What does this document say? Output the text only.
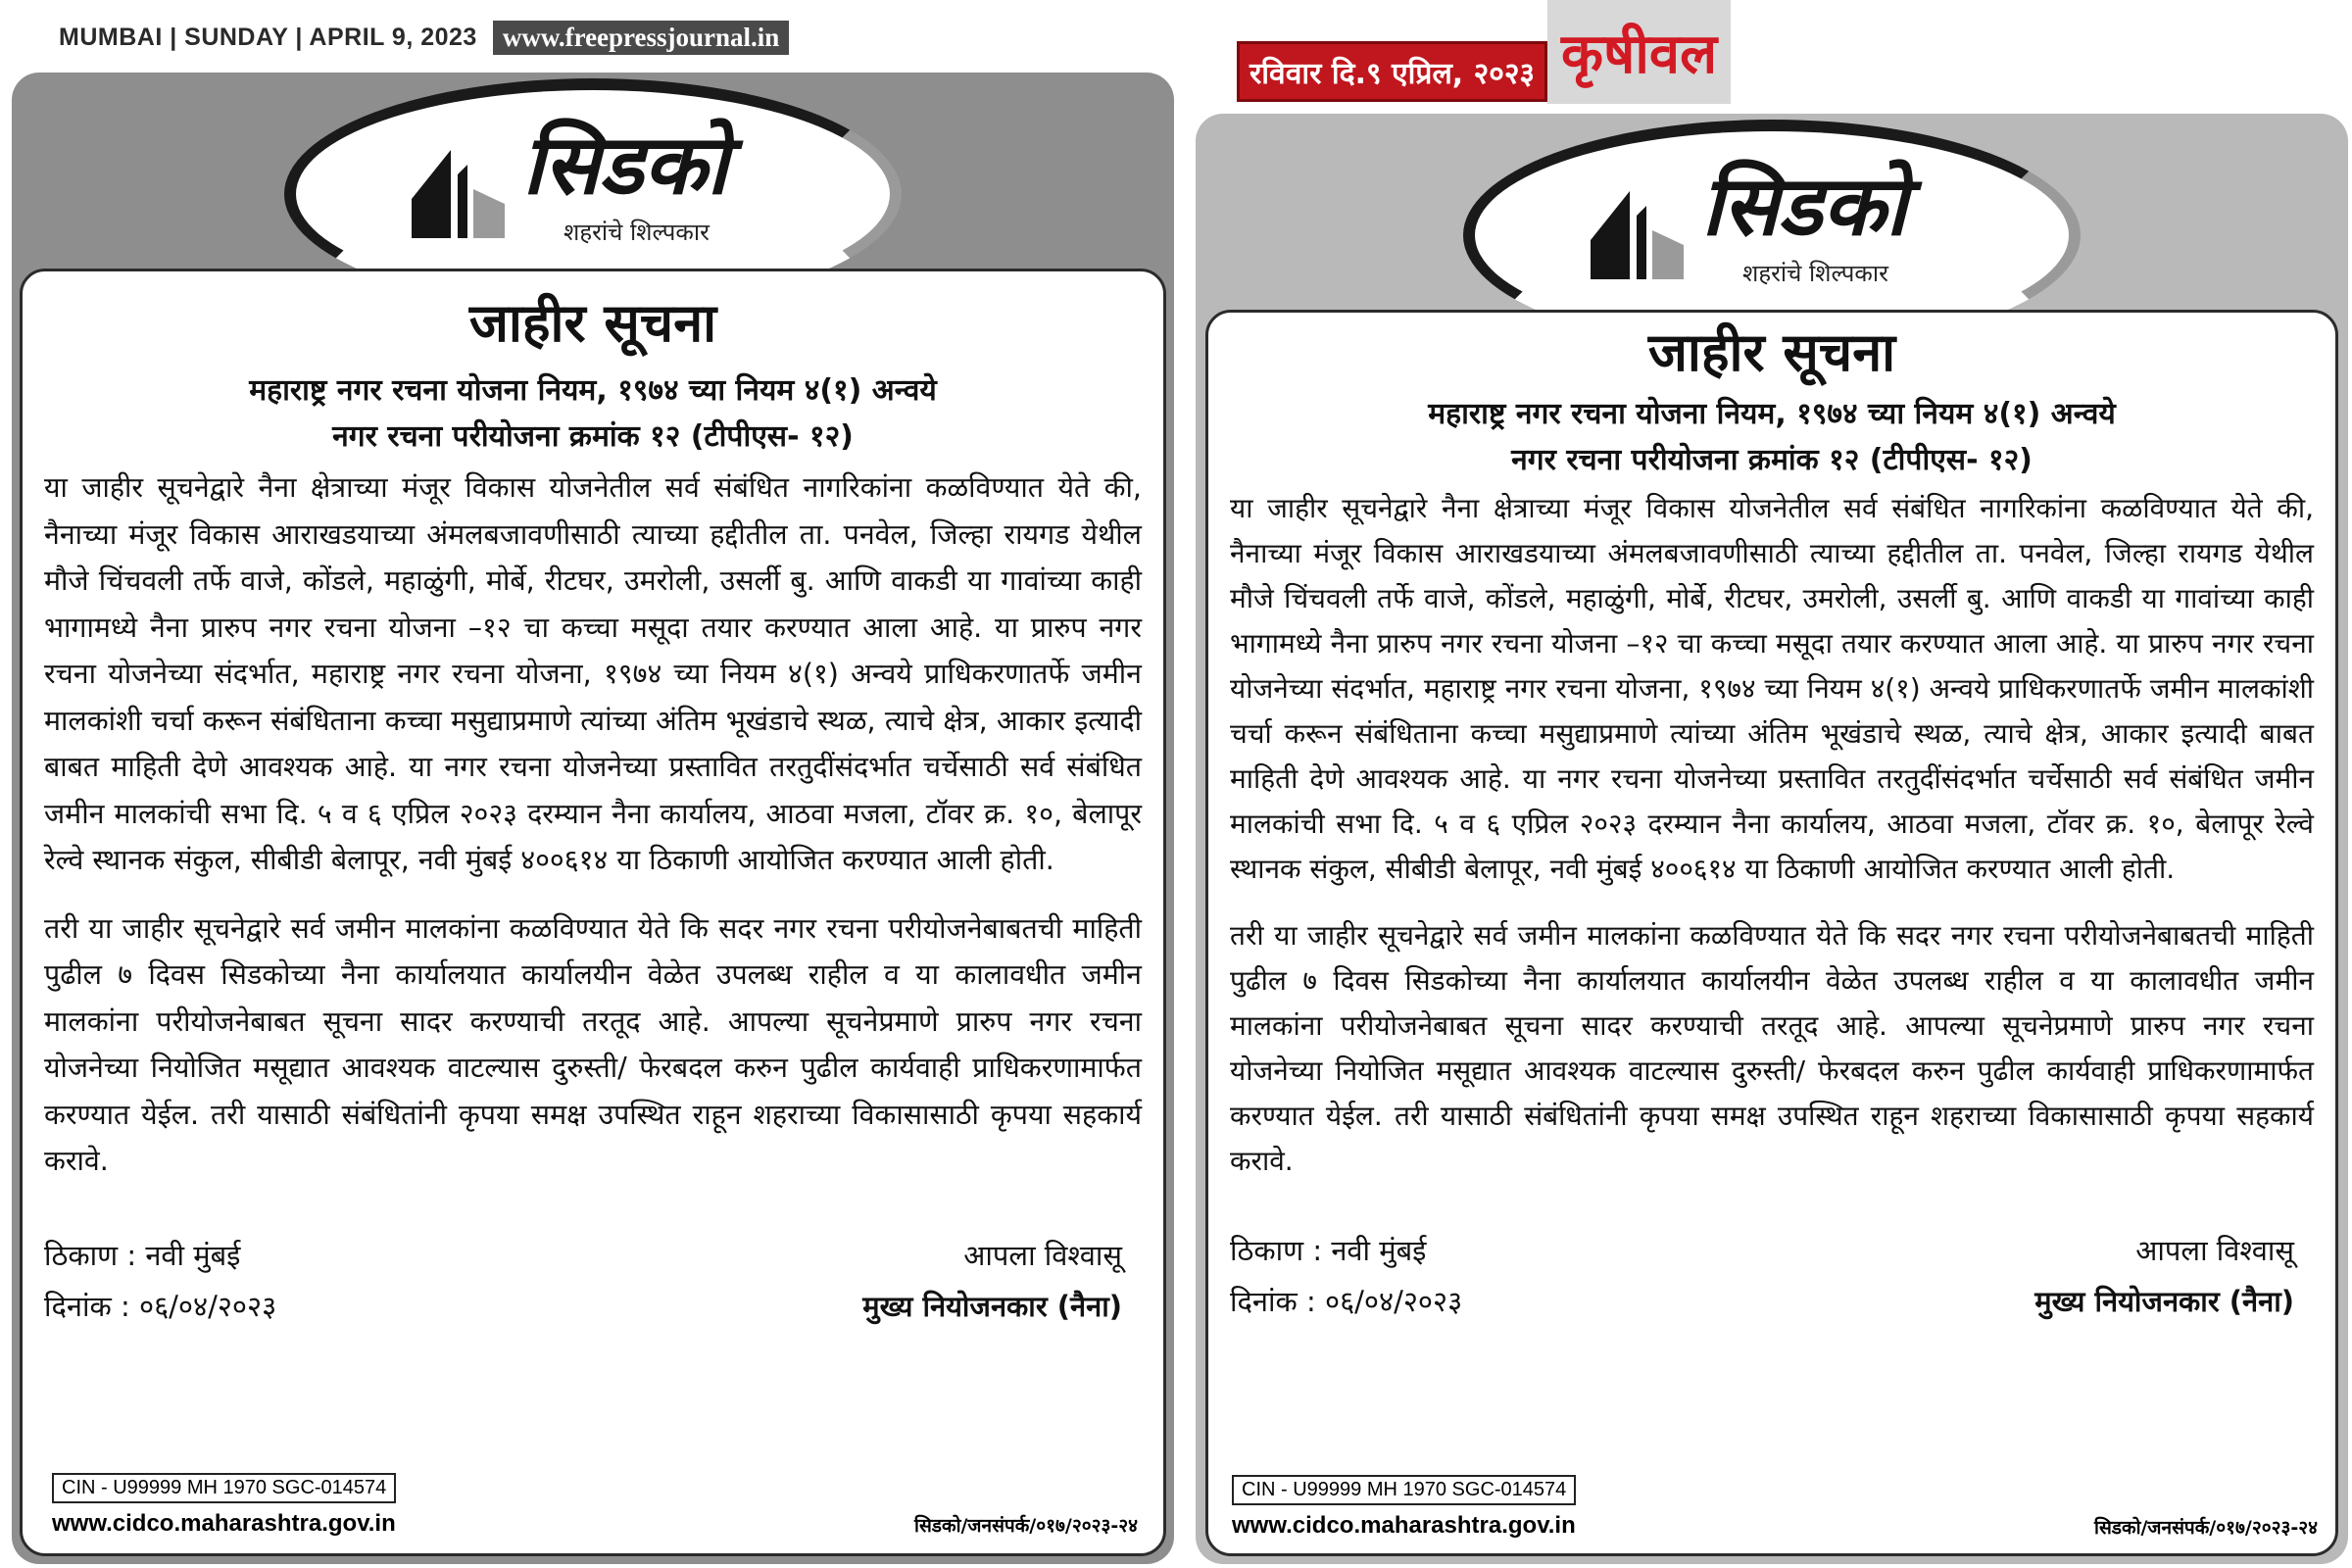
MUMBAI | SUNDAY | APRIL 9, 2023 www.freepressjournal.in
सिडको
शहरांचे शिल्पकार
जाहीर सूचना

महाराष्ट्र नगर रचना योजना नियम, १९७४ च्या नियम ४(१) अन्वये

नगर रचना परीयोजना क्रमांक १२ (टीपीएस- १२)

या जाहीर सूचनेद्वारे नैना क्षेत्राच्या मंजूर विकास योजनेतील सर्व संबंधित नागरिकांना कळविण्यात येते की, नैनाच्या मंजूर विकास आराखडयाच्या अंमलबजावणीसाठी त्याच्या हद्दीतील ता. पनवेल, जिल्हा रायगड येथील मौजे चिंचवली तर्फे वाजे, कोंडले, महाळुंगी, मोर्बे, रीटघर, उमरोली, उसर्ली बु. आणि वाकडी या गावांच्या काही भागामध्ये नैना प्रारुप नगर रचना योजना –१२ चा कच्चा मसूदा तयार करण्यात आला आहे. या प्रारुप नगर रचना योजनेच्या संदर्भात, महाराष्ट्र नगर रचना योजना, १९७४ च्या नियम ४(१) अन्वये प्राधिकरणातर्फे जमीन मालकांशी चर्चा करून संबंधिताना कच्चा मसुद्याप्रमाणे त्यांच्या अंतिम भूखंडाचे स्थळ, त्याचे क्षेत्र, आकार इत्यादी बाबत माहिती देणे आवश्यक आहे. या नगर रचना योजनेच्या प्रस्तावित तरतुदींसंदर्भात चर्चेसाठी सर्व संबंधित जमीन मालकांची सभा दि. ५ व ६ एप्रिल २०२३ दरम्यान नैना कार्यालय, आठवा मजला, टॉवर क्र. १०, बेलापूर रेल्वे स्थानक संकुल, सीबीडी बेलापूर, नवी मुंबई ४००६१४ या ठिकाणी आयोजित करण्यात आली होती.

तरी या जाहीर सूचनेद्वारे सर्व जमीन मालकांना कळविण्यात येते कि सदर नगर रचना परीयोजनेबाबतची माहिती पुढील ७ दिवस सिडकोच्या नैना कार्यालयात कार्यालयीन वेळेत उपलब्ध राहील व या कालावधीत जमीन मालकांना परीयोजनेबाबत सूचना सादर करण्याची तरतूद आहे. आपल्या सूचनेप्रमाणे प्रारुप नगर रचना योजनेच्या नियोजित मसूद्यात आवश्यक वाटल्यास दुरुस्ती/ फेरबदल करुन पुढील कार्यवाही प्राधिकरणामार्फत करण्यात येईल. तरी यासाठी संबंधितांनी कृपया समक्ष उपस्थित राहून शहराच्या विकासासाठी कृपया सहकार्य करावे.

ठिकाण : नवी मुंबई
दिनांक : ०६/०४/२०२३
आपला विश्वासू
मुख्य नियोजनकार (नैना)
CIN - U99999 MH 1970 SGC-014574
www.cidco.maharashtra.gov.in	सिडको/जनसंपर्क/०१७/२०२३-२४
रविवार दि.९ एप्रिल, २०२३ कृषीवल
सिडको
शहरांचे शिल्पकार
जाहीर सूचना

महाराष्ट्र नगर रचना योजना नियम, १९७४ च्या नियम ४(१) अन्वये

नगर रचना परीयोजना क्रमांक १२ (टीपीएस- १२)

या जाहीर सूचनेद्वारे नैना क्षेत्राच्या मंजूर विकास योजनेतील सर्व संबंधित नागरिकांना कळविण्यात येते की, नैनाच्या मंजूर विकास आराखडयाच्या अंमलबजावणीसाठी त्याच्या हद्दीतील ता. पनवेल, जिल्हा रायगड येथील मौजे चिंचवली तर्फे वाजे, कोंडले, महाळुंगी, मोर्बे, रीटघर, उमरोली, उसर्ली बु. आणि वाकडी या गावांच्या काही भागामध्ये नैना प्रारुप नगर रचना योजना –१२ चा कच्चा मसूदा तयार करण्यात आला आहे. या प्रारुप नगर रचना योजनेच्या संदर्भात, महाराष्ट्र नगर रचना योजना, १९७४ च्या नियम ४(१) अन्वये प्राधिकरणातर्फे जमीन मालकांशी चर्चा करून संबंधिताना कच्चा मसुद्याप्रमाणे त्यांच्या अंतिम भूखंडाचे स्थळ, त्याचे क्षेत्र, आकार इत्यादी बाबत माहिती देणे आवश्यक आहे. या नगर रचना योजनेच्या प्रस्तावित तरतुदींसंदर्भात चर्चेसाठी सर्व संबंधित जमीन मालकांची सभा दि. ५ व ६ एप्रिल २०२३ दरम्यान नैना कार्यालय, आठवा मजला, टॉवर क्र. १०, बेलापूर रेल्वे स्थानक संकुल, सीबीडी बेलापूर, नवी मुंबई ४००६१४ या ठिकाणी आयोजित करण्यात आली होती.

तरी या जाहीर सूचनेद्वारे सर्व जमीन मालकांना कळविण्यात येते कि सदर नगर रचना परीयोजनेबाबतची माहिती पुढील ७ दिवस सिडकोच्या नैना कार्यालयात कार्यालयीन वेळेत उपलब्ध राहील व या कालावधीत जमीन मालकांना परीयोजनेबाबत सूचना सादर करण्याची तरतूद आहे. आपल्या सूचनेप्रमाणे प्रारुप नगर रचना योजनेच्या नियोजित मसूद्यात आवश्यक वाटल्यास दुरुस्ती/ फेरबदल करुन पुढील कार्यवाही प्राधिकरणामार्फत करण्यात येईल. तरी यासाठी संबंधितांनी कृपया समक्ष उपस्थित राहून शहराच्या विकासासाठी कृपया सहकार्य करावे.

ठिकाण : नवी मुंबई
दिनांक : ०६/०४/२०२३
आपला विश्वासू
मुख्य नियोजनकार (नैना)
CIN - U99999 MH 1970 SGC-014574
www.cidco.maharashtra.gov.in	सिडको/जनसंपर्क/०१७/२०२३-२४
